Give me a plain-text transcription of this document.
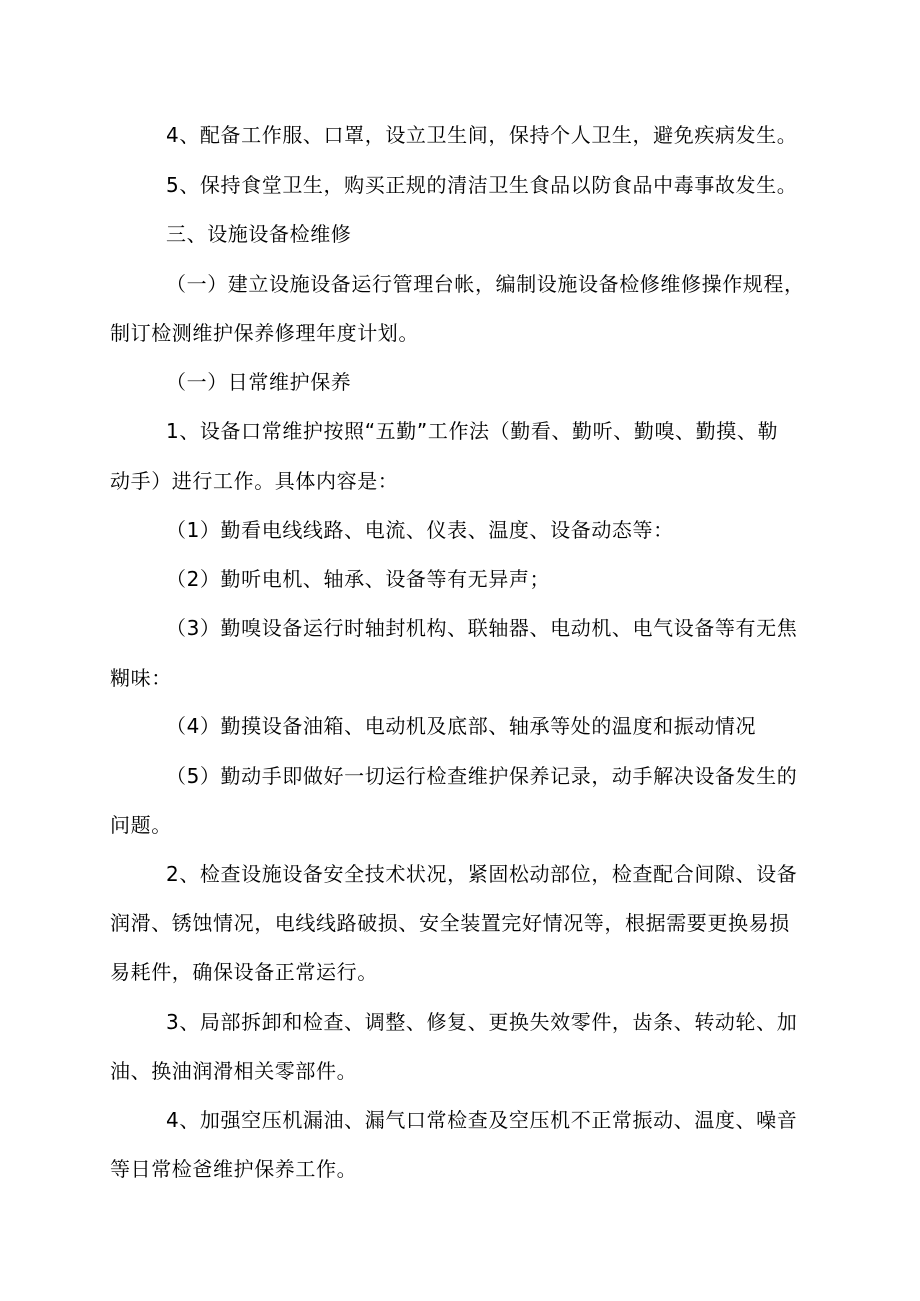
4、配备工作服、口罩，设立卫生间，保持个人卫生，避免疾病发生。
5、保持食堂卫生，购买正规的清洁卫生食品以防食品中毒事故发生。
三、设施设备检维修
（一）建立设施设备运行管理台帐，编制设施设备检修维修操作规程，
制订检测维护保养修理年度计划。
（一）日常维护保养
1、设备口常维护按照“五勤”工作法（勤看、勤听、勤嗅、勤摸、勒
动手）进行工作。具体内容是：
（1）勤看电线线路、电流、仪表、温度、设备动态等：
（2）勤听电机、轴承、设备等有无异声；
（3）勤嗅设备运行时轴封机构、联轴器、电动机、电气设备等有无焦
糊味：
（4）勤摸设备油箱、电动机及底部、轴承等处的温度和振动情况
（5）勤动手即做好一切运行检查维护保养记录，动手解决设备发生的
问题。
2、检查设施设备安全技术状况，紧固松动部位，检查配合间隙、设备
润滑、锈蚀情况，电线线路破损、安全装置完好情况等，根据需要更换易损
易耗件，确保设备正常运行。
3、局部拆卸和检查、调整、修复、更换失效零件，齿条、转动轮、加
油、换油润滑相关零部件。
4、加强空压机漏油、漏气口常检查及空压机不正常振动、温度、噪音
等日常检爸维护保养工作。
